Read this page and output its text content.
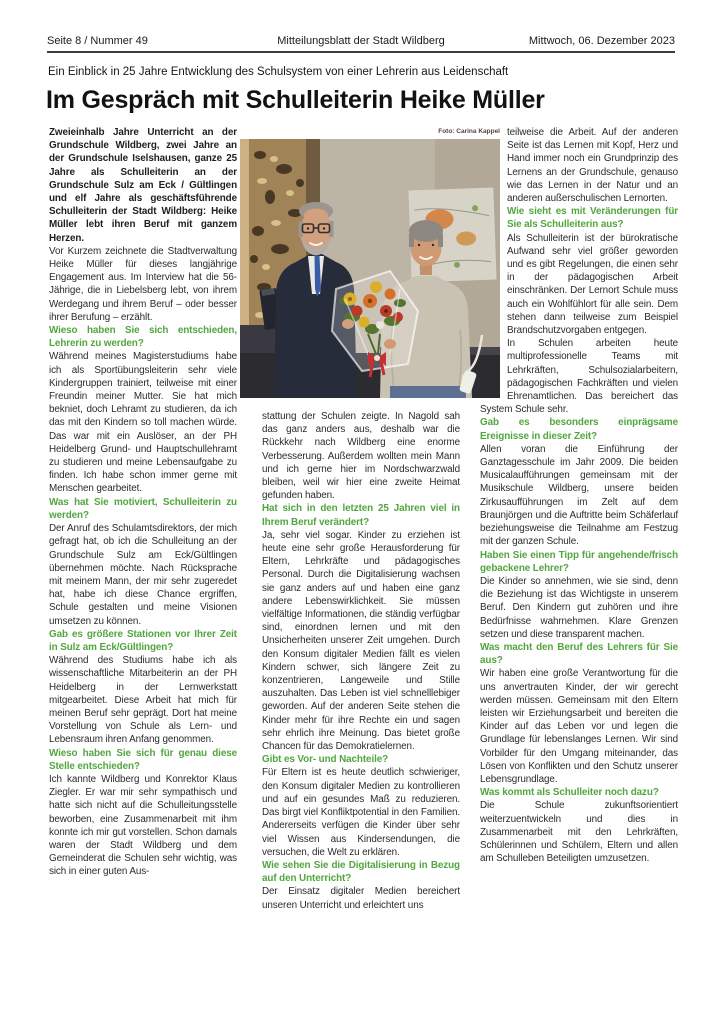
Seite 8 / Nummer 49	Mitteilungsblatt der Stadt Wildberg	Mittwoch, 06. Dezember 2023
Ein Einblick in 25 Jahre Entwicklung des Schulsystem von einer Lehrerin aus Leidenschaft
Im Gespräch mit Schulleiterin Heike Müller
Foto: Carina Kappel

Zweieinhalb Jahre Unterricht an der Grundschule Wildberg, zwei Jahre an der Grundschule Iselshausen, ganze 25 Jahre als Schulleiterin an der Grundschule Sulz am Eck / Gültlingen und elf Jahre als geschäftsführende Schulleiterin der Stadt Wildberg: Heike Müller lebt ihren Beruf mit ganzem Herzen.

Vor Kurzem zeichnete die Stadtverwaltung Heike Müller für dieses langjährige Engagement aus. Im Interview hat die 56-Jährige, die in Liebelsberg lebt, von ihrem Werdegang und ihrem Beruf – oder besser ihrer Berufung – erzählt.

Wieso haben Sie sich entschieden, Lehrerin zu werden?

Während meines Magisterstudiums habe ich als Sportübungsleiterin sehr viele Kindergruppen trainiert, teilweise mit einer Freundin meiner Mutter. Sie hat mich bekniet, doch Lehramt zu studieren, da ich das mit den Kindern so toll machen würde. Das war mit ein Auslöser, an der PH Heidelberg Grund- und Hauptschullehramt zu studieren und meine Lebensaufgabe zu finden. Ich habe schon immer gerne mit Menschen gearbeitet.

Was hat Sie motiviert, Schulleiterin zu werden?

Der Anruf des Schulamtsdirektors, der mich gefragt hat, ob ich die Schulleitung an der Grundschule Sulz am Eck/Gültlingen übernehmen möchte. Nach Rücksprache mit meinem Mann, der mir sehr zugeredet hat, habe ich diese Chance ergriffen, Schule gestalten und meine Visionen umsetzen zu können.

Gab es größere Stationen vor Ihrer Zeit in Sulz am Eck/Gültlingen?

Während des Studiums habe ich als wissenschaftliche Mitarbeiterin an der PH Heidelberg in der Lernwerkstatt mitgearbeitet. Diese Arbeit hat mich für meinen Beruf sehr geprägt. Dort hat meine Vorstellung von Schule als Lern- und Lebensraum ihren Anfang genommen.

Wieso haben Sie sich für genau diese Stelle entschieden?

Ich kannte Wildberg und Konrektor Klaus Ziegler. Er war mir sehr sympathisch und hatte sich nicht auf die Schulleitungsstelle beworben, eine Zusammenarbeit mit ihm konnte ich mir gut vorstellen. Schon damals waren der Stadt Wildberg und dem Gemeinderat die Schulen sehr wichtig, was sich in einer guten Aus-

stattung der Schulen zeigte. In Nagold sah das ganz anders aus, deshalb war die Rückkehr nach Wildberg eine enorme Verbesserung. Außerdem wollten mein Mann und ich gerne hier im Nordschwarzwald bleiben, weil wir hier eine zweite Heimat gefunden haben.

Hat sich in den letzten 25 Jahren viel in Ihrem Beruf verändert?

Ja, sehr viel sogar. Kinder zu erziehen ist heute eine sehr große Herausforderung für Eltern, Lehrkräfte und pädagogisches Personal. Durch die Digitalisierung wachsen sie ganz anders auf und haben eine ganz andere Lebenswirklichkeit. Sie müssen vielfältige Informationen, die ständig verfügbar sind, einordnen lernen und mit den Unsicherheiten unserer Zeit umgehen. Durch den Konsum digitaler Medien fällt es vielen Kindern schwer, sich längere Zeit zu konzentrieren, Langeweile und Stille auszuhalten. Das Leben ist viel schnelllebiger geworden. Auf der anderen Seite stehen die Kinder mehr für ihre Rechte ein und sagen sehr ehrlich ihre Meinung. Das bietet große Chancen für das Demokratielernen.

Gibt es Vor- und Nachteile?

Für Eltern ist es heute deutlich schwieriger, den Konsum digitaler Medien zu kontrollieren und auf ein gesundes Maß zu reduzieren. Das birgt viel Konfliktpotential in den Familien. Andererseits verfügen die Kinder über sehr viel Wissen aus Kindersendungen, die versuchen, die Welt zu erklären.

Wie sehen Sie die Digitalisierung in Bezug auf den Unterricht?

Der Einsatz digitaler Medien bereichert unseren Unterricht und erleichtert uns

teilweise die Arbeit. Auf der anderen Seite ist das Lernen mit Kopf, Herz und Hand immer noch ein Grundprinzip des Lernens an der Grundschule, genauso wie das Lernen in der Natur und an anderen außerschulischen Lernorten.

Wie sieht es mit Veränderungen für Sie als Schulleiterin aus?

Als Schulleiterin ist der bürokratische Aufwand sehr viel größer geworden und es gibt Regelungen, die einen sehr in der pädagogischen Arbeit einschränken. Der Lernort Schule muss auch ein Wohlfühlort für alle sein. Dem stehen dann teilweise zum Beispiel Brandschutzvorgaben entgegen.

In Schulen arbeiten heute multiprofessionelle Teams mit Lehrkräften, Schulsozialarbeitern, pädagogischen Fachkräften und vielen Ehrenamtlichen. Das bereichert das System Schule sehr.

Gab es besonders einprägsame Ereignisse in dieser Zeit?

Allen voran die Einführung der Ganztagesschule im Jahr 2009. Die beiden Musicalaufführungen gemeinsam mit der Musikschule Wildberg, unsere beiden Zirkusaufführungen im Zelt auf dem Braunjörgen und die Auftritte beim Schäferlauf beziehungsweise die Teilnahme am Festzug mit der ganzen Schule.

Haben Sie einen Tipp für angehende/frisch gebackene Lehrer?

Die Kinder so annehmen, wie sie sind, denn die Beziehung ist das Wichtigste in unserem Beruf. Den Kindern gut zuhören und ihre Bedürfnisse wahrnehmen. Klare Grenzen setzen und diese transparent machen.

Was macht den Beruf des Lehrers für Sie aus?

Wir haben eine große Verantwortung für die uns anvertrauten Kinder, der wir gerecht werden müssen. Gemeinsam mit den Eltern leisten wir Erziehungsarbeit und bereiten die Kinder auf das Leben vor und legen die Grundlage für lebenslanges Lernen. Wir sind Vorbilder für den Umgang miteinander, das Lösen von Konflikten und den Schutz unserer Lebensgrundlage.

Was kommt als Schulleiter noch dazu?

Die Schule zukunftsorientiert weiterzuentwickeln und dies in Zusammenarbeit mit den Lehrkräften, Schülerinnen und Schülern, Eltern und allen am Schulleben Beteiligten umzusetzen.
